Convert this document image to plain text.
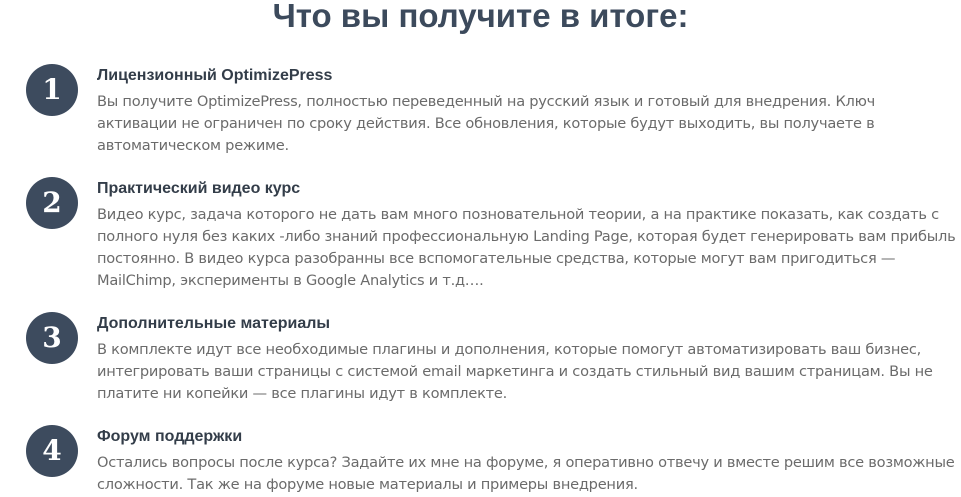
Что вы получите в итоге:
1	Лицензионный OptimizePress

Вы получите OptimizePress, полностью переведенный на русский язык и готовый для внедрения. Ключ активации не ограничен по сроку действия. Все обновления, которые будут выходить, вы получаете в автоматическом режиме.

2	Практический видео курс

Видео курс, задача которого не дать вам много позновательной теории, а на практике показать, как создать с полного нуля без каких -либо знаний профессиональную Landing Page, которая будет генерировать вам прибыль постоянно. В видео курса разобранны все вспомогательные средства, которые могут вам пригодиться — MailChimp, эксперименты в Google Analytics и т.д….

3	Дополнительные материалы

В комплекте идут все необходимые плагины и дополнения, которые помогут автоматизировать ваш бизнес, интегрировать ваши страницы с системой email маркетинга и создать стильный вид вашим страницам. Вы не платите ни копейки — все плагины идут в комплекте.

4	Форум поддержки

Остались вопросы после курса? Задайте их мне на форуме, я оперативно отвечу и вместе решим все возможные сложности. Так же на форуме новые материалы и примеры внедрения.
